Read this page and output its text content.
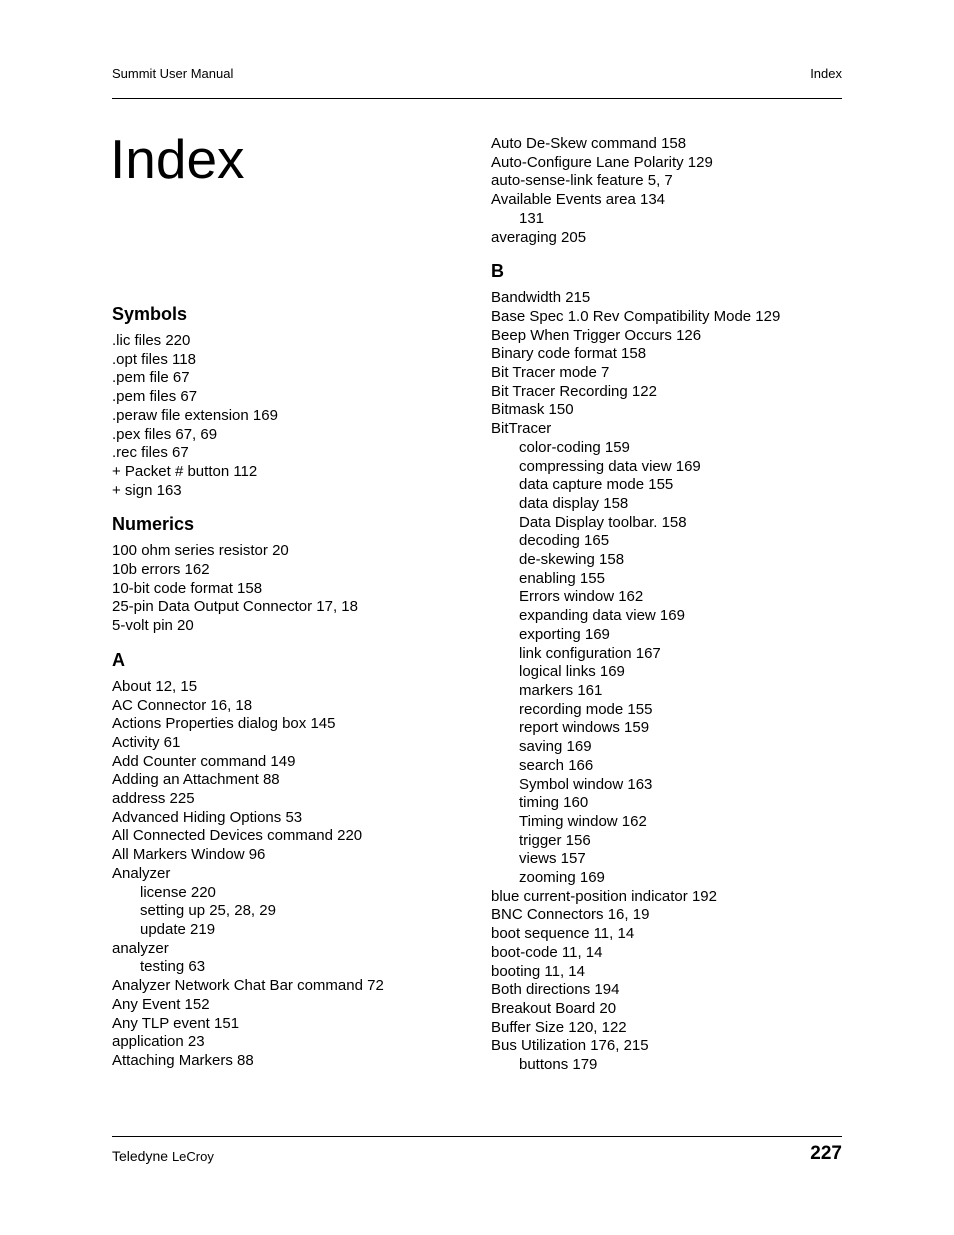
Summit User Manual	Index
Index
Symbols
.lic files 220
.opt files 118
.pem file 67
.pem files 67
.peraw file extension 169
.pex files 67, 69
.rec files 67
+ Packet # button 112
+ sign 163
Numerics
100 ohm series resistor 20
10b errors 162
10-bit code format 158
25-pin Data Output Connector 17, 18
5-volt pin 20
A
About 12, 15
AC Connector 16, 18
Actions Properties dialog box 145
Activity 61
Add Counter command 149
Adding an Attachment 88
address 225
Advanced Hiding Options 53
All Connected Devices command 220
All Markers Window 96
Analyzer
license 220
setting up 25, 28, 29
update 219
analyzer
testing 63
Analyzer Network Chat Bar command 72
Any Event 152
Any TLP event 151
application 23
Attaching Markers 88
Auto De-Skew command 158
Auto-Configure Lane Polarity 129
auto-sense-link feature 5, 7
Available Events area 134
131
averaging 205
B
Bandwidth 215
Base Spec 1.0 Rev Compatibility Mode 129
Beep When Trigger Occurs 126
Binary code format 158
Bit Tracer mode 7
Bit Tracer Recording 122
Bitmask 150
BitTracer
color-coding 159
compressing data view 169
data capture mode 155
data display 158
Data Display toolbar. 158
decoding 165
de-skewing 158
enabling 155
Errors window 162
expanding data view 169
exporting 169
link configuration 167
logical links 169
markers 161
recording mode 155
report windows 159
saving 169
search 166
Symbol window 163
timing 160
Timing window 162
trigger 156
views 157
zooming 169
blue current-position indicator 192
BNC Connectors 16, 19
boot sequence 11, 14
boot-code 11, 14
booting 11, 14
Both directions 194
Breakout Board 20
Buffer Size 120, 122
Bus Utilization 176, 215
buttons 179
Teledyne LeCroy	227
